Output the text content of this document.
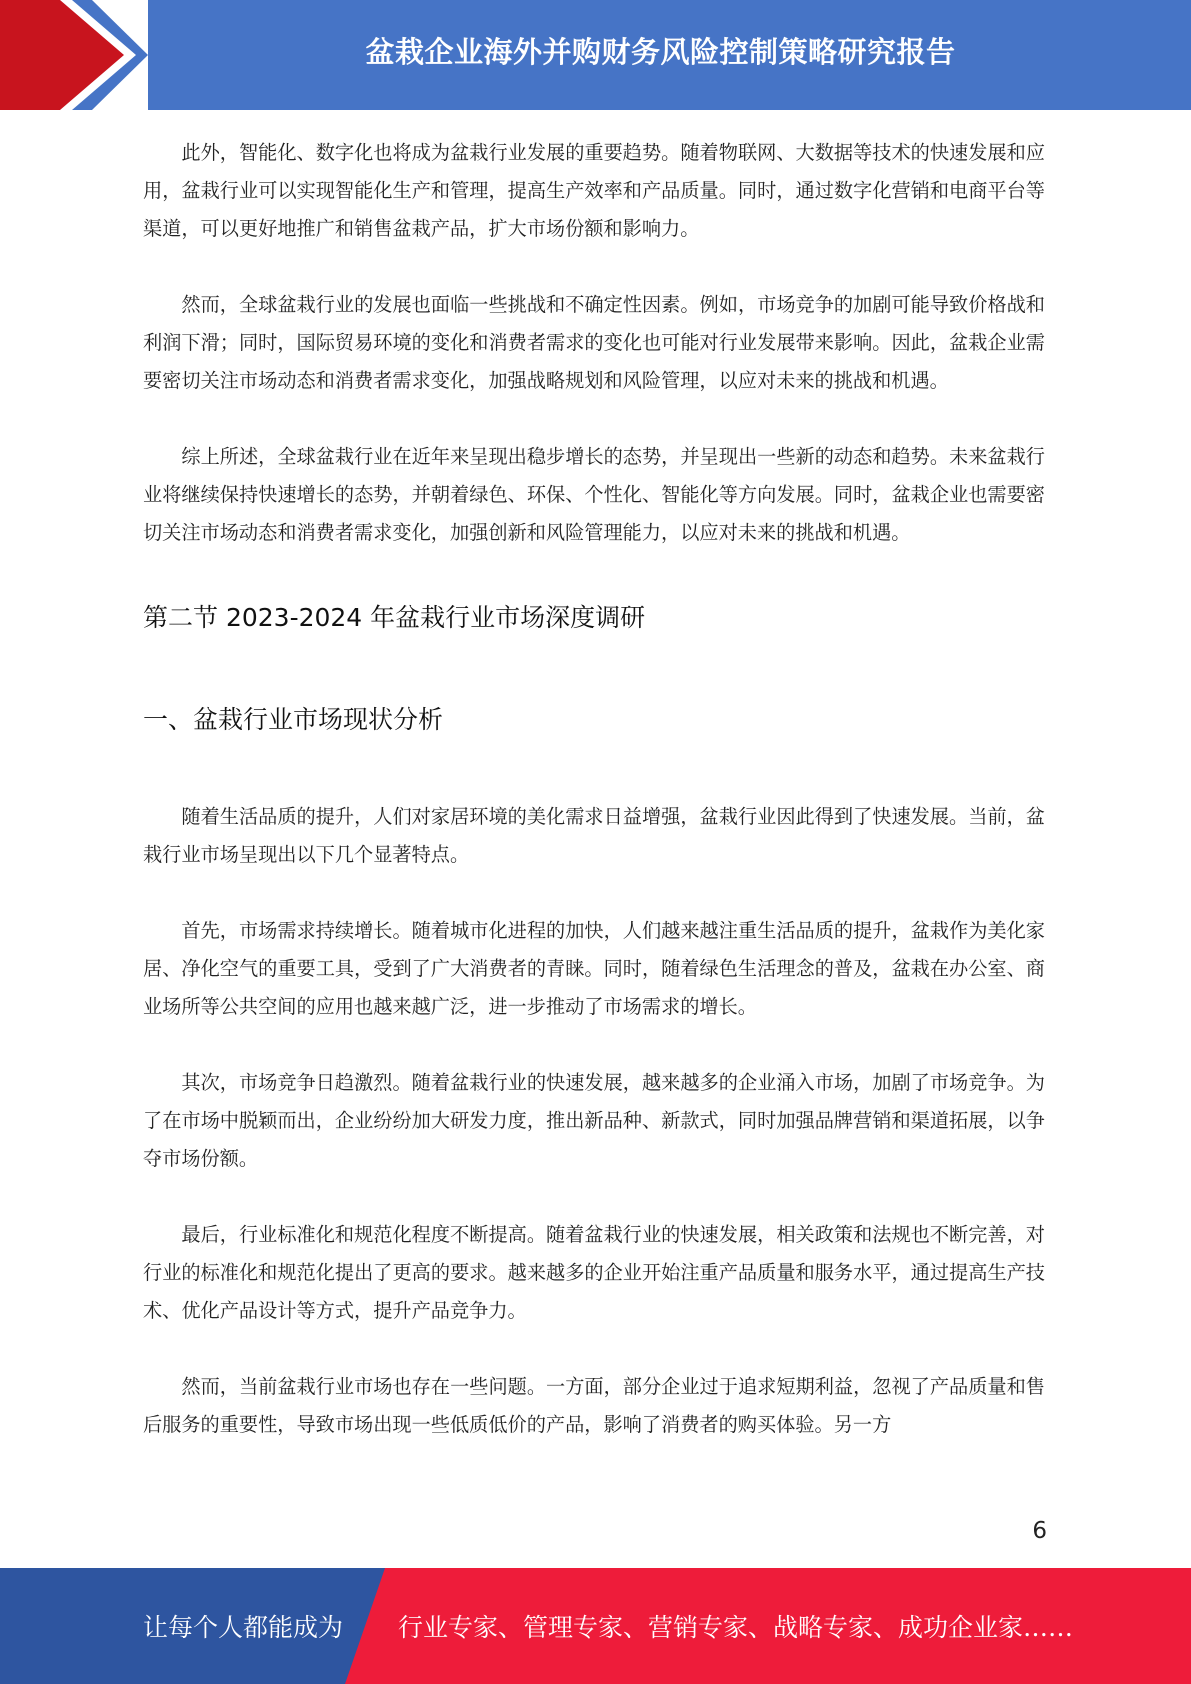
盆栽企业海外并购财务风险控制策略研究报告

此外，智能化、数字化也将成为盆栽行业发展的重要趋势。随着物联网、大数据等技术的快速发展和应用，盆栽行业可以实现智能化生产和管理，提高生产效率和产品质量。同时，通过数字化营销和电商平台等渠道，可以更好地推广和销售盆栽产品，扩大市场份额和影响力。

然而，全球盆栽行业的发展也面临一些挑战和不确定性因素。例如，市场竞争的加剧可能导致价格战和利润下滑；同时，国际贸易环境的变化和消费者需求的变化也可能对行业发展带来影响。因此，盆栽企业需要密切关注市场动态和消费者需求变化，加强战略规划和风险管理，以应对未来的挑战和机遇。

综上所述，全球盆栽行业在近年来呈现出稳步增长的态势，并呈现出一些新的动态和趋势。未来盆栽行业将继续保持快速增长的态势，并朝着绿色、环保、个性化、智能化等方向发展。同时，盆栽企业也需要密切关注市场动态和消费者需求变化，加强创新和风险管理能力，以应对未来的挑战和机遇。

第二节 2023-2024 年盆栽行业市场深度调研
一、盆栽行业市场现状分析

随着生活品质的提升，人们对家居环境的美化需求日益增强，盆栽行业因此得到了快速发展。当前，盆栽行业市场呈现出以下几个显著特点。

首先，市场需求持续增长。随着城市化进程的加快，人们越来越注重生活品质的提升，盆栽作为美化家居、净化空气的重要工具，受到了广大消费者的青睐。同时，随着绿色生活理念的普及，盆栽在办公室、商业场所等公共空间的应用也越来越广泛，进一步推动了市场需求的增长。

其次，市场竞争日趋激烈。随着盆栽行业的快速发展，越来越多的企业涌入市场，加剧了市场竞争。为了在市场中脱颖而出，企业纷纷加大研发力度，推出新品种、新款式，同时加强品牌营销和渠道拓展，以争夺市场份额。

最后，行业标准化和规范化程度不断提高。随着盆栽行业的快速发展，相关政策和法规也不断完善，对行业的标准化和规范化提出了更高的要求。越来越多的企业开始注重产品质量和服务水平，通过提高生产技术、优化产品设计等方式，提升产品竞争力。

然而，当前盆栽行业市场也存在一些问题。一方面，部分企业过于追求短期利益，忽视了产品质量和售后服务的重要性，导致市场出现一些低质低价的产品，影响了消费者的购买体验。另一方

6
让每个人都能成为 行业专家、管理专家、营销专家、战略专家、成功企业家……
